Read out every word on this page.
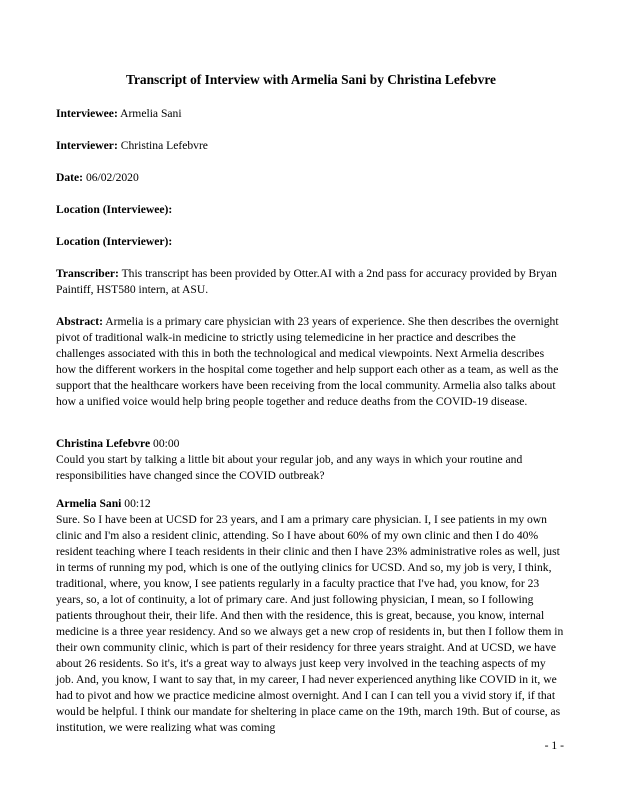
Transcript of Interview with Armelia Sani by Christina Lefebvre
Interviewee: Armelia Sani
Interviewer: Christina Lefebvre
Date: 06/02/2020
Location (Interviewee):
Location (Interviewer):
Transcriber: This transcript has been provided by Otter.AI with a 2nd pass for accuracy provided by Bryan Paintiff, HST580 intern, at ASU.
Abstract: Armelia is a primary care physician with 23 years of experience. She then describes the overnight pivot of traditional walk-in medicine to strictly using telemedicine in her practice and describes the challenges associated with this in both the technological and medical viewpoints. Next Armelia describes how the different workers in the hospital come together and help support each other as a team, as well as the support that the healthcare workers have been receiving from the local community. Armelia also talks about how a unified voice would help bring people together and reduce deaths from the COVID-19 disease.
Christina Lefebvre 00:00
Could you start by talking a little bit about your regular job, and any ways in which your routine and responsibilities have changed since the COVID outbreak?
Armelia Sani 00:12
Sure. So I have been at UCSD for 23 years, and I am a primary care physician. I, I see patients in my own clinic and I'm also a resident clinic, attending. So I have about 60% of my own clinic and then I do 40% resident teaching where I teach residents in their clinic and then I have 23% administrative roles as well, just in terms of running my pod, which is one of the outlying clinics for UCSD. And so, my job is very, I think, traditional, where, you know, I see patients regularly in a faculty practice that I've had, you know, for 23 years, so, a lot of continuity, a lot of primary care. And just following physician, I mean, so I following patients throughout their, their life. And then with the residence, this is great, because, you know, internal medicine is a three year residency. And so we always get a new crop of residents in, but then I follow them in their own community clinic, which is part of their residency for three years straight. And at UCSD, we have about 26 residents. So it's, it's a great way to always just keep very involved in the teaching aspects of my job. And, you know, I want to say that, in my career, I had never experienced anything like COVID in it, we had to pivot and how we practice medicine almost overnight. And I can I can tell you a vivid story if, if that would be helpful. I think our mandate for sheltering in place came on the 19th, march 19th. But of course, as institution, we were realizing what was coming
- 1 -
